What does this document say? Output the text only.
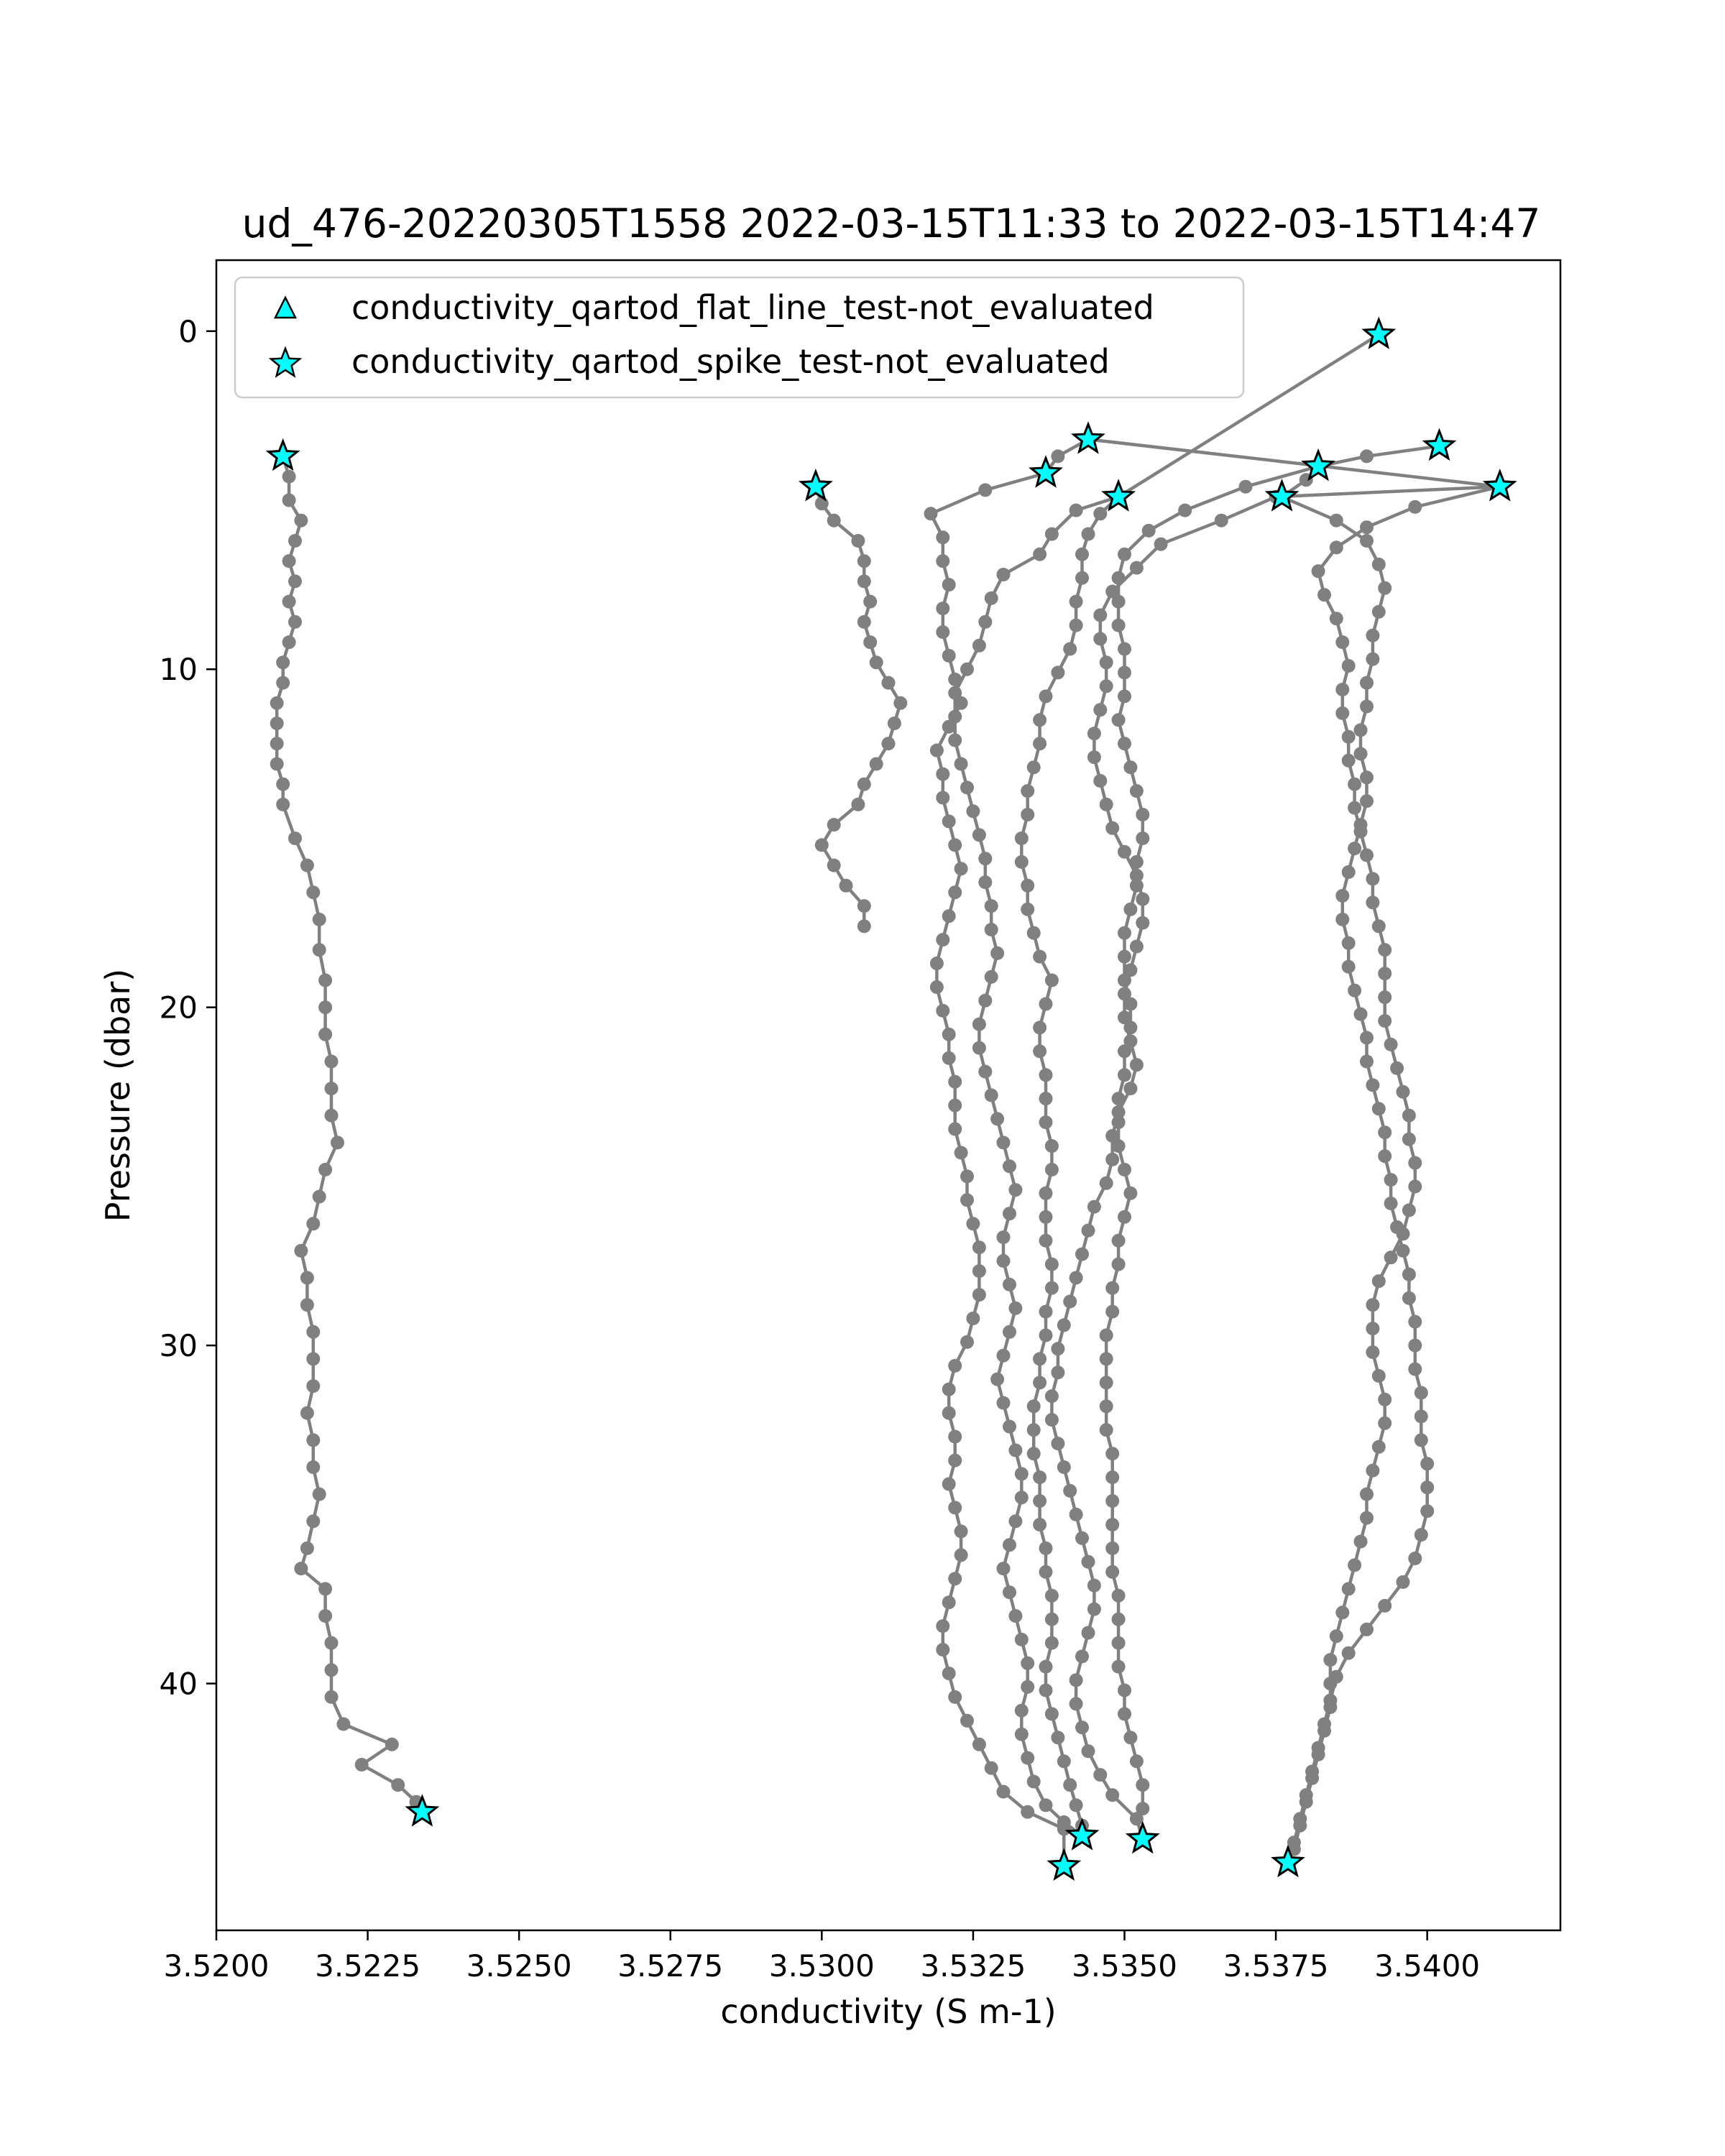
ud_476-20220305T1558 2022-03-15T11:33 to 2022-03-15T14:47
3.5200 3.5225 3.5250 3.5275 3.5300 3.5325 3.5350 3.5375 3.5400
0
10
20
30
40
conductivity (S m-1)
Pressure (dbar)
conductivity_qartod_flat_line_test-not_evaluated
conductivity_qartod_spike_test-not_evaluated
